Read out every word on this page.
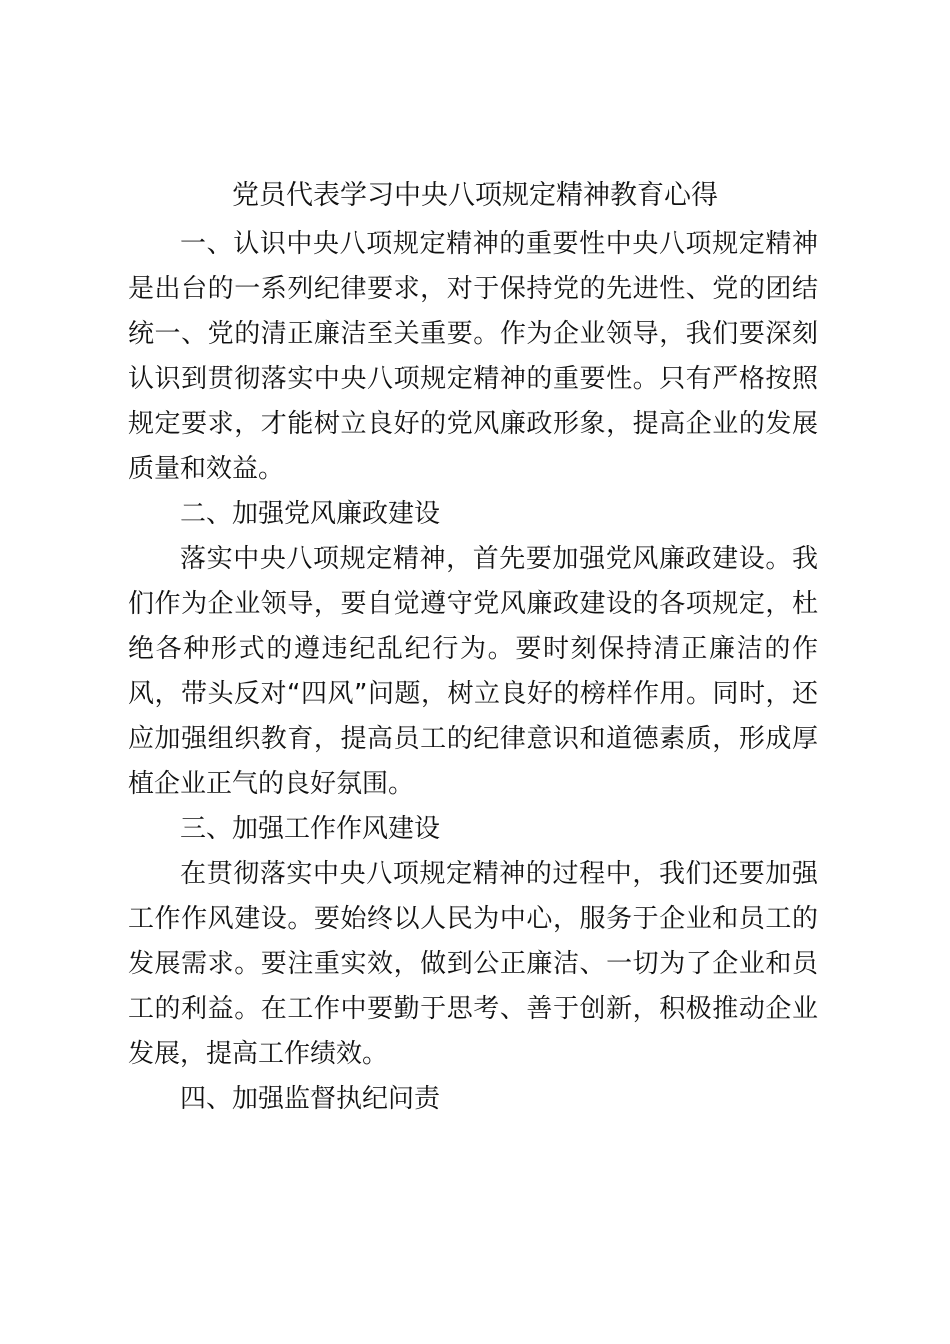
党员代表学习中央八项规定精神教育心得

一、认识中央八项规定精神的重要性中央八项规定精神是出台的一系列纪律要求，对于保持党的先进性、党的团结统一、党的清正廉洁至关重要。作为企业领导，我们要深刻认识到贯彻落实中央八项规定精神的重要性。只有严格按照规定要求，才能树立良好的党风廉政形象，提高企业的发展质量和效益。

二、加强党风廉政建设

落实中央八项规定精神，首先要加强党风廉政建设。我们作为企业领导，要自觉遵守党风廉政建设的各项规定，杜绝各种形式的遵违纪乱纪行为。要时刻保持清正廉洁的作风，带头反对“四风”问题，树立良好的榜样作用。同时，还应加强组织教育，提高员工的纪律意识和道德素质，形成厚植企业正气的良好氛围。

三、加强工作作风建设

在贯彻落实中央八项规定精神的过程中，我们还要加强工作作风建设。要始终以人民为中心，服务于企业和员工的发展需求。要注重实效，做到公正廉洁、一切为了企业和员工的利益。在工作中要勤于思考、善于创新，积极推动企业发展，提高工作绩效。

四、加强监督执纪问责
